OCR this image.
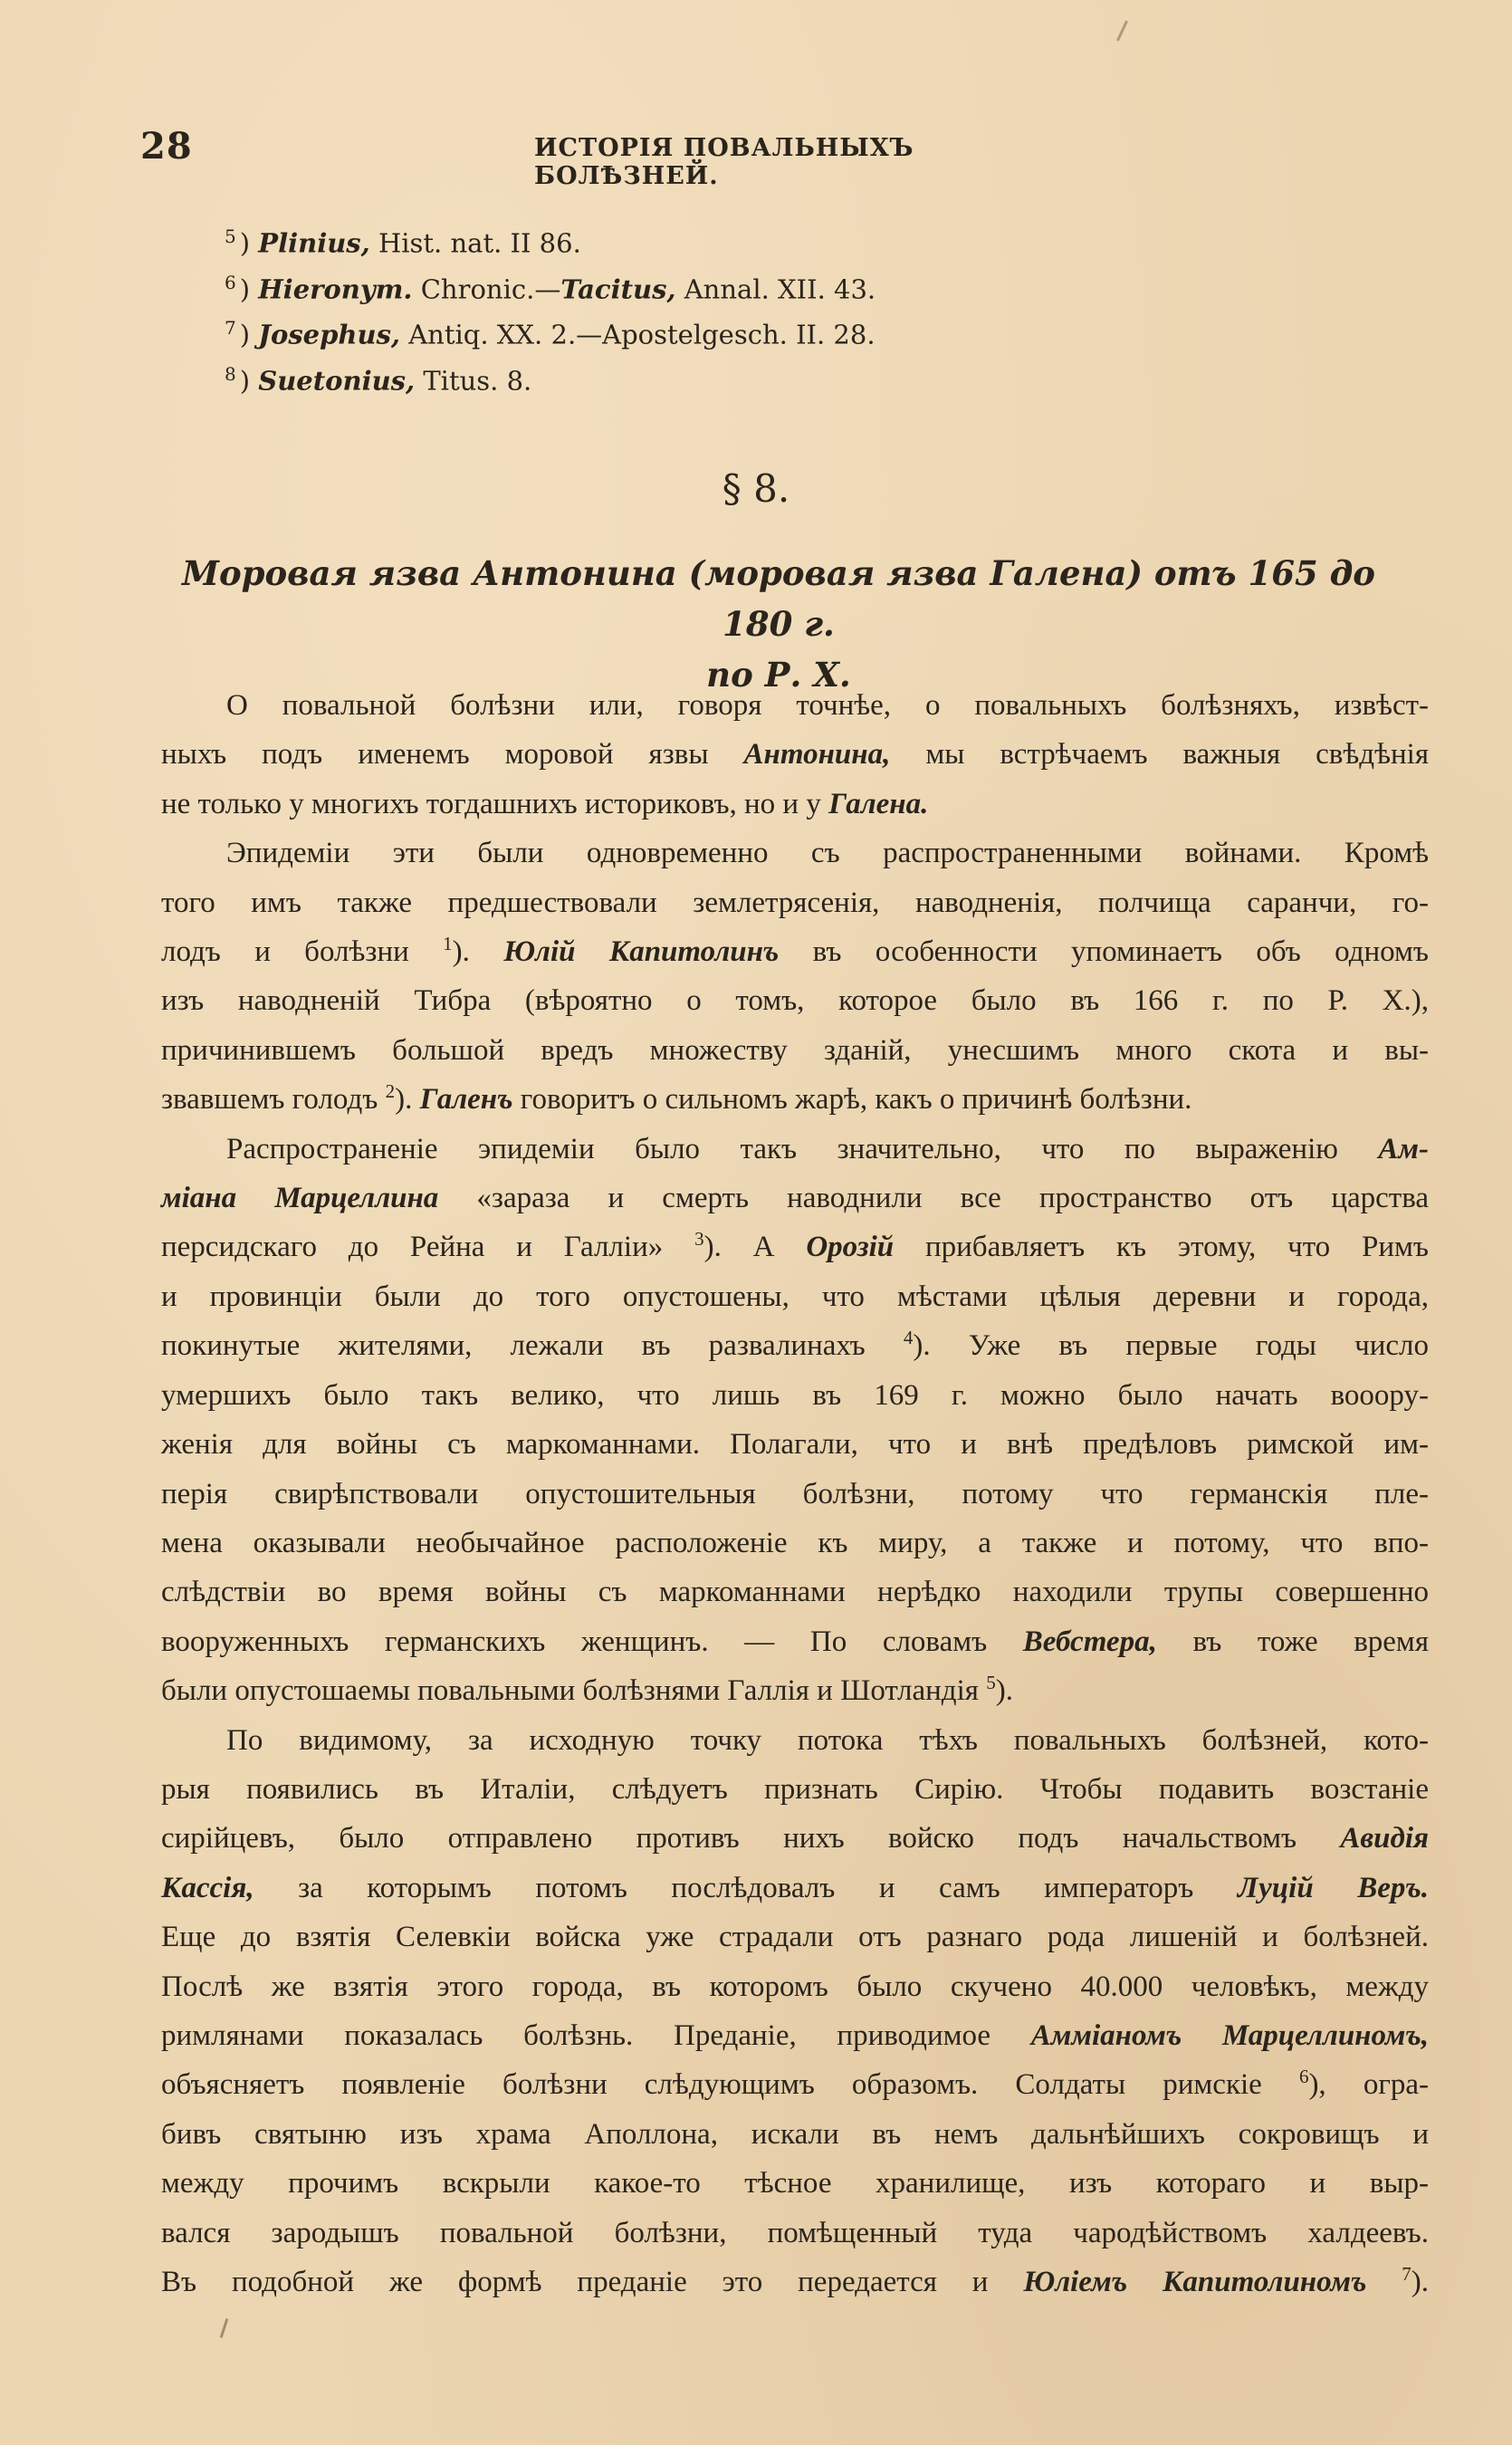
28	ИСТОРІЯ ПОВАЛЬНЫХЪ БОЛѢЗНЕЙ.
$^5$ ) Plinius, Hist. nat. II 86.
$^6$ ) Hieronym. Chronic.—Tacitus, Annal. XII. 43.
$^7$ ) Josephus, Antiq. XX. 2.—Apostelgesch. II. 28.
$^8$ ) Suetonius, Titus. 8.
§ 8.
Моровая язва Антонина (моровая язва Галена) отъ 165 до 180 г.
по Р. X.
О повальной болѣзни или, говоря точнѣе, о повальныхъ болѣзняхъ, извѣст-
ныхъ подъ именемъ моровой язвы Антонина, мы встрѣчаемъ важныя свѣдѣнія
не только у многихъ тогдашнихъ историковъ, но и у Галена.
Эпидеміи эти были одновременно съ распространенными войнами. Кромѣ
того имъ также предшествовали землетрясенія, наводненія, полчища саранчи, го-
лодъ и болѣзни $^1$). Юлій Капитолинъ въ особенности упоминаетъ объ одномъ
изъ наводненій Тибра (вѣроятно о томъ, которое было въ 166 г. по Р. X.),
причинившемъ большой вредъ множеству зданій, унесшимъ много скота и вы-
звавшемъ голодъ $^2$). Галенъ говоритъ о сильномъ жарѣ, какъ о причинѣ болѣзни.
Распространеніе эпидеміи было такъ значительно, что по выраженію Ам-
міана Марцеллина «зараза и смерть наводнили все пространство отъ царства
персидскаго до Рейна и Галліи» $^3$). А Орозій прибавляетъ къ этому, что Римъ
и провинціи были до того опустошены, что мѣстами цѣлыя деревни и города,
покинутые жителями, лежали въ развалинахъ $^4$). Уже въ первые годы число
умершихъ было такъ велико, что лишь въ 169 г. можно было начать вооору-
женія для войны съ маркоманнами. Полагали, что и внѣ предѣловъ римской им-
перія свирѣпствовали опустошительныя болѣзни, потому что германскія пле-
мена оказывали необычайное расположеніе къ миру, а также и потому, что впо-
слѣдствіи во время войны съ маркоманнами нерѣдко находили трупы совершенно
вооруженныхъ германскихъ женщинъ. — По словамъ Вебстера, въ тоже время
были опустошаемы повальными болѣзнями Галлія и Шотландія $^5$).
По видимому, за исходную точку потока тѣхъ повальныхъ болѣзней, кото-
рыя появились въ Италіи, слѣдуетъ признать Сирію. Чтобы подавить возстаніе
сирійцевъ, было отправлено противъ нихъ войско подъ начальствомъ Авидія
Кассія, за которымъ потомъ послѣдовалъ и самъ императоръ Луцій Веръ.
Еще до взятія Селевкіи войска уже страдали отъ разнаго рода лишеній и болѣзней.
Послѣ же взятія этого города, въ которомъ было скучено 40.000 человѣкъ, между
римлянами показалась болѣзнь. Преданіе, приводимое Амміаномъ Марцеллиномъ,
объясняетъ появленіе болѣзни слѣдующимъ образомъ. Солдаты римскіе $^6$), огра-
бивъ святыню изъ храма Аполлона, искали въ немъ дальнѣйшихъ сокровищъ и
между прочимъ вскрыли какое-то тѣсное хранилище, изъ котораго и выр-
вался зародышъ повальной болѣзни, помѣщенный туда чародѣйствомъ халдеевъ.
Въ подобной же формѣ преданіе это передается и Юліемъ Капитолиномъ $^7$).
